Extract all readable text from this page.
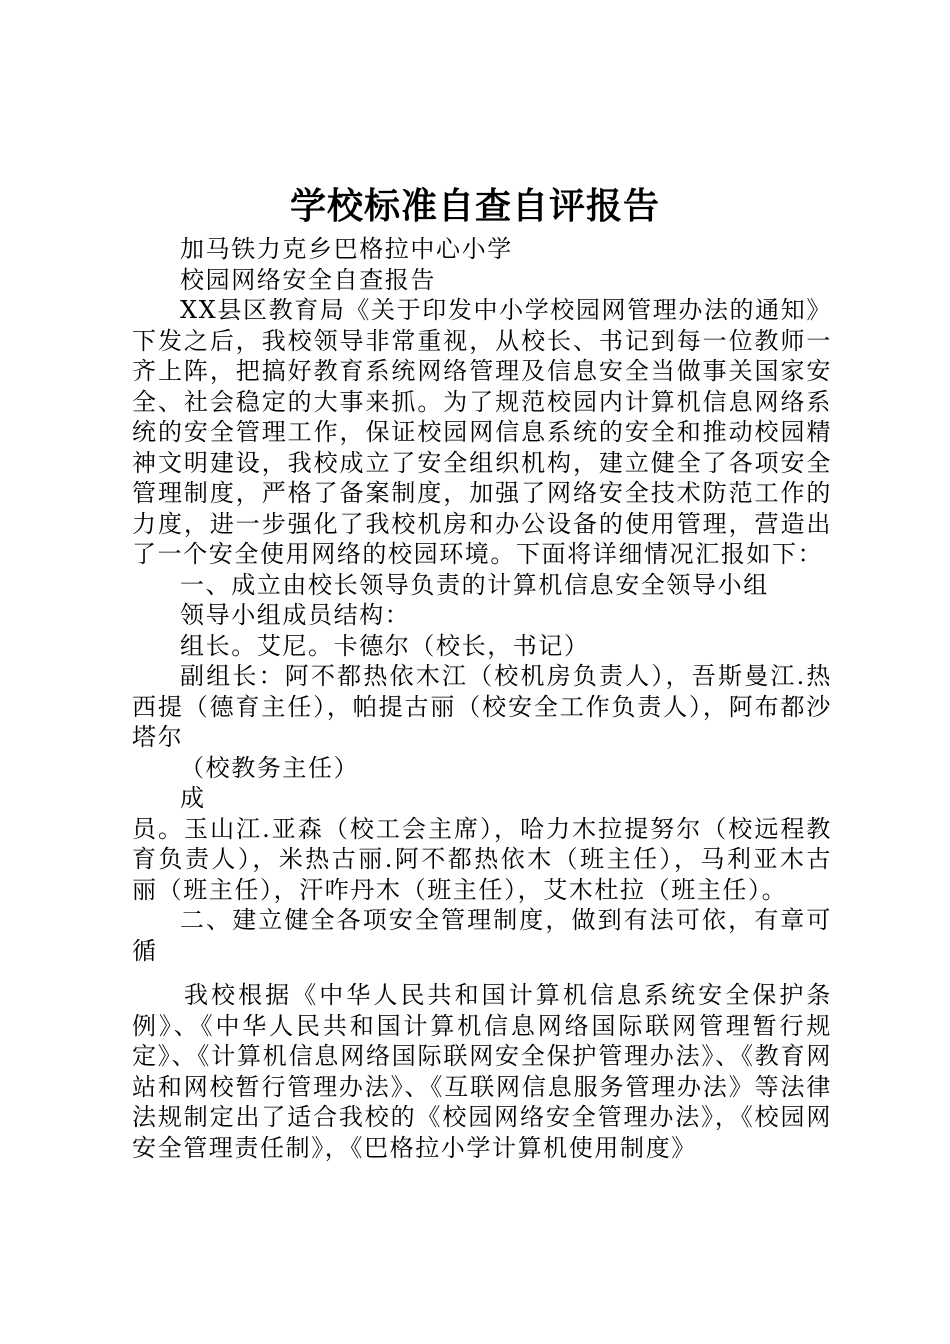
学校标准自查自评报告

加马铁力克乡巴格拉中心小学

校园网络安全自查报告

XX县区教育局《关于印发中小学校园网管理办法的通知》下发之后，我校领导非常重视，从校长、书记到每一位教师一齐上阵，把搞好教育系统网络管理及信息安全当做事关国家安全、社会稳定的大事来抓。为了规范校园内计算机信息网络系统的安全管理工作，保证校园网信息系统的安全和推动校园精神文明建设，我校成立了安全组织机构，建立健全了各项安全管理制度，严格了备案制度，加强了网络安全技术防范工作的力度，进一步强化了我校机房和办公设备的使用管理，营造出了一个安全使用网络的校园环境。下面将详细情况汇报如下：

一、成立由校长领导负责的计算机信息安全领导小组

领导小组成员结构：

组长。艾尼。卡德尔（校长，书记）

副组长：阿不都热依木江（校机房负责人），吾斯曼江.热西提（德育主任），帕提古丽（校安全工作负责人），阿布都沙塔尔

（校教务主任）

成

员。玉山江.亚森（校工会主席），哈力木拉提努尔（校远程教育负责人），米热古丽.阿不都热依木（班主任），马利亚木古丽（班主任），汗咋丹木（班主任），艾木杜拉（班主任）。

二、建立健全各项安全管理制度，做到有法可依，有章可循

我校根据《中华人民共和国计算机信息系统安全保护条例》、《中华人民共和国计算机信息网络国际联网管理暂行规定》、《计算机信息网络国际联网安全保护管理办法》、《教育网站和网校暂行管理办法》、《互联网信息服务管理办法》等法律法规制定出了适合我校的《校园网络安全管理办法》，《校园网安全管理责任制》，《巴格拉小学计算机使用制度》
